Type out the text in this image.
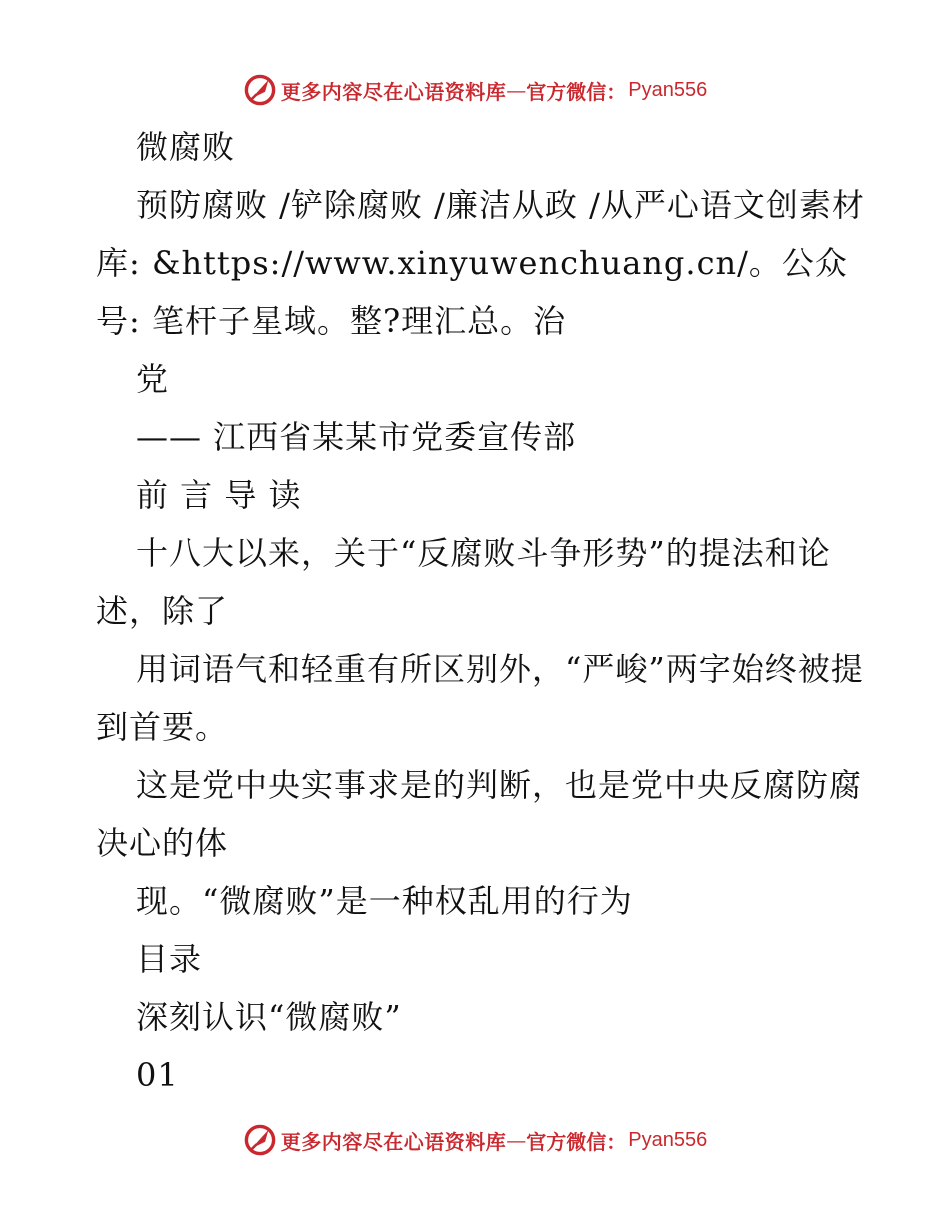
更多内容尽在心语资料库 — 官方微信： Pyan556

微腐败

预防腐败 /铲除腐败 /廉洁从政 /从严心语文创素材库: &https://www.xinyuwenchuang.cn/。公众号: 笔杆子星域。整?理汇总。治

党

—— 江西省某某市党委宣传部

前 言 导 读

十八大以来，关于“反腐败斗争形势”的提法和论述，除了

用词语气和轻重有所区别外，“严峻”两字始终被提到首要。

这是党中央实事求是的判断，也是党中央反腐防腐决心的体

现。“微腐败”是一种权乱用的行为

目录

深刻认识“微腐败”

01

更多内容尽在心语资料库 — 官方微信： Pyan556
